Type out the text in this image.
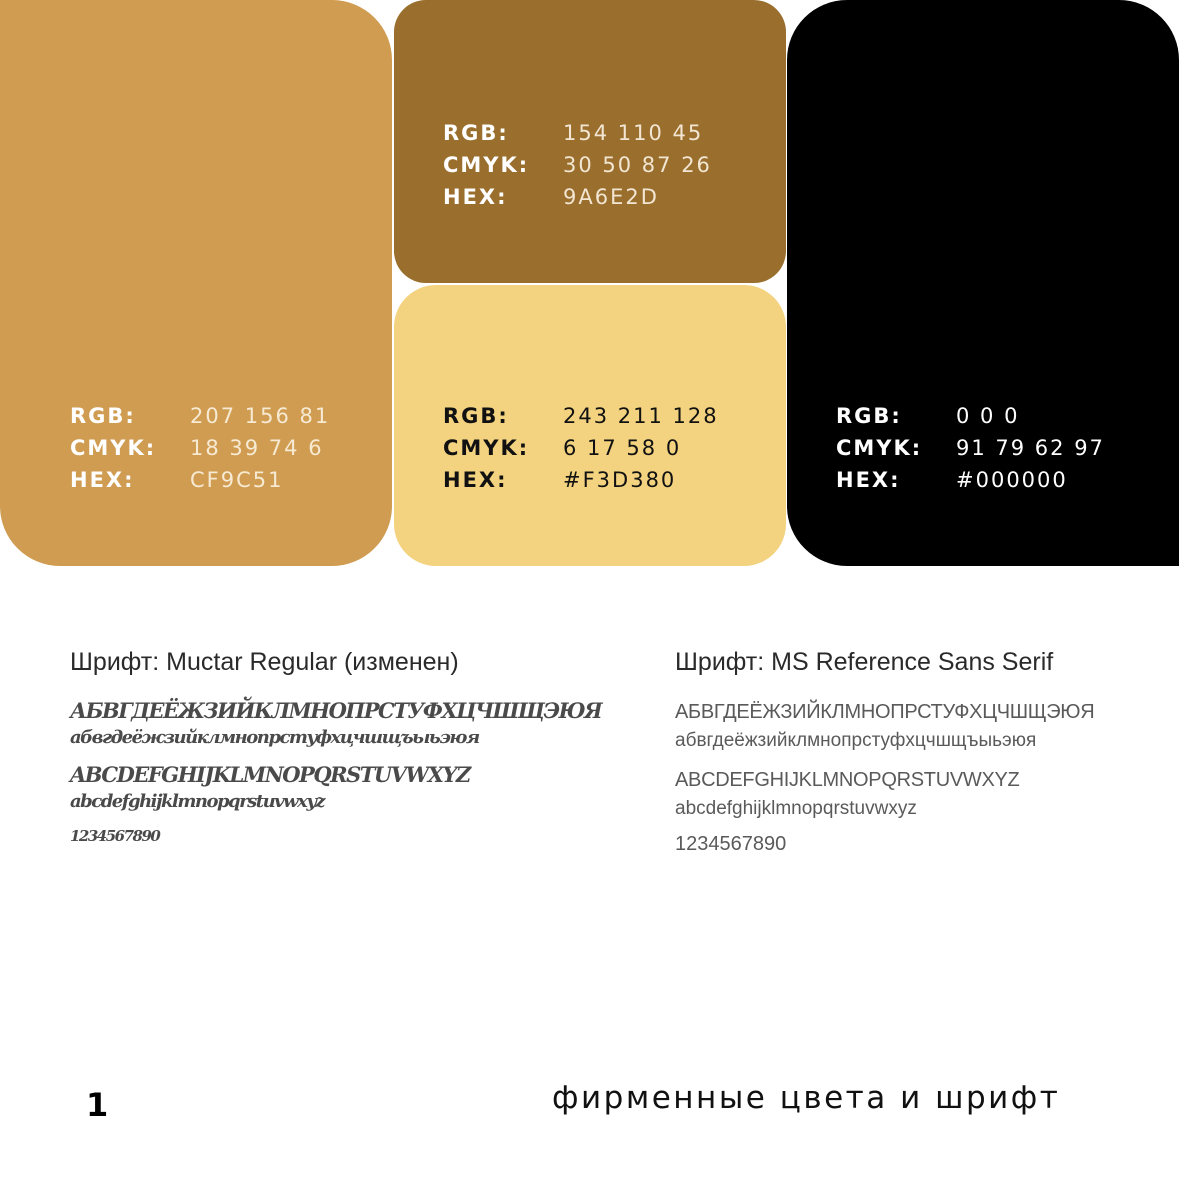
RGB:	207 156 81
CMYK:	18 39 74 6
HEX:	CF9C51
RGB:	154 110 45
CMYK:	30 50 87 26
HEX:	9A6E2D
RGB:	243 211 128
CMYK:	6 17 58 0
HEX:	#F3D380
RGB:	0 0 0
CMYK:	91 79 62 97
HEX:	#000000
Шрифт: Muctar Regular (изменен)
АБВГДЕЁЖЗИЙКЛМНОПРСТУФХЦЧШЩЭЮЯ
абвгдеёжзийклмнопрстуфхцчшщъыьэюя
ABCDEFGHIJKLMNOPQRSTUVWXYZ
abcdefghijklmnopqrstuvwxyz
1234567890
Шрифт: MS Reference Sans Serif
АБВГДЕЁЖЗИЙКЛМНОПРСТУФХЦЧШЩЭЮЯ
абвгдеёжзийклмнопрстуфхцчшщъыьэюя
ABCDEFGHIJKLMNOPQRSTUVWXYZ
abcdefghijklmnopqrstuvwxyz
1234567890
1	фирменные цвета и шрифт
